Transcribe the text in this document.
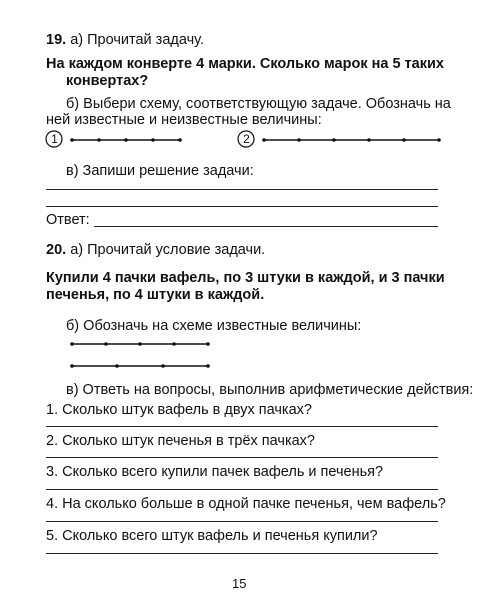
19. а) Прочитай задачу.
На каждом конверте 4 марки. Сколько марок на 5 таких
конвертах?
б) Выбери схему, соответствующую задаче. Обозначь на
ней известные и неизвестные величины:
1	2
в) Запиши решение задачи:
Ответ:
20. а) Прочитай условие задачи.
Купили 4 пачки вафель, по 3 штуки в каждой, и 3 пачки
печенья, по 4 штуки в каждой.
б) Обозначь на схеме известные величины:
в) Ответь на вопросы, выполнив арифметические действия:
1. Сколько штук вафель в двух пачках?
2. Сколько штук печенья в трёх пачках?
3. Сколько всего купили пачек вафель и печенья?
4. На сколько больше в одной пачке печенья, чем вафель?
5. Сколько всего штук вафель и печенья купили?
15
